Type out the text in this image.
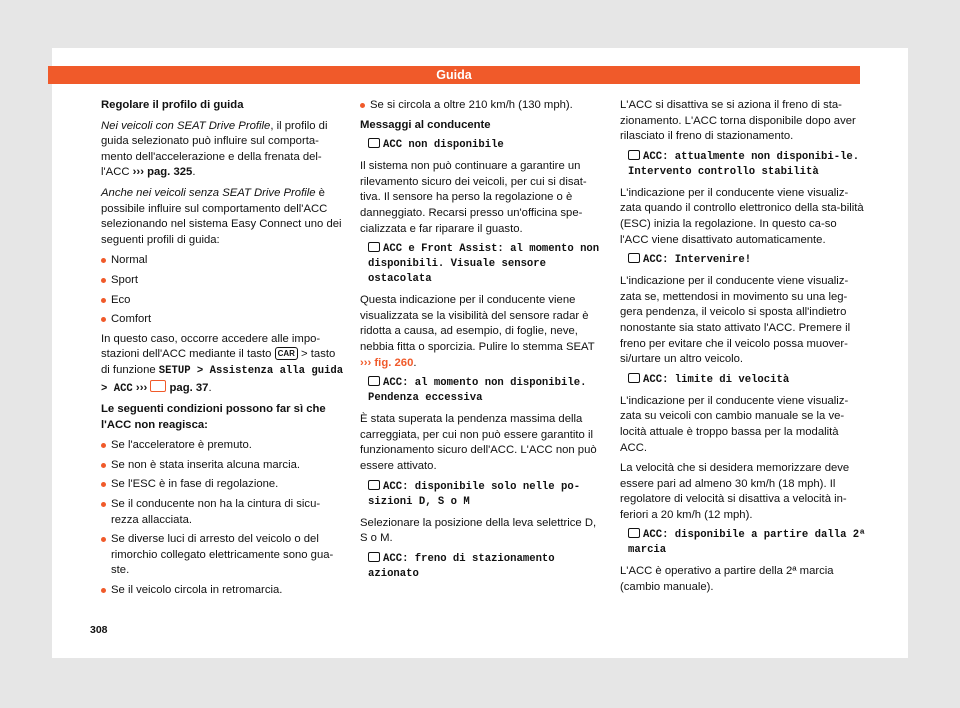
Guida

Regolare il profilo di guida

Nei veicoli con SEAT Drive Profile, il profilo di guida selezionato può influire sul comporta-mento dell'accelerazione e della frenata del-l'ACC ››› pag. 325.

Anche nei veicoli senza SEAT Drive Profile è possibile influire sul comportamento dell'ACC selezionando nel sistema Easy Connect uno dei seguenti profili di guida:

Normal
Sport
Eco
Comfort

In questo caso, occorre accedere alle impo-stazioni dell'ACC mediante il tasto CAR > tasto di funzione SETUP > Assistenza alla guida > ACC ›››  pag. 37.

Le seguenti condizioni possono far sì che l'ACC non reagisca:

Se l'acceleratore è premuto.
Se non è stata inserita alcuna marcia.
Se l'ESC è in fase di regolazione.
Se il conducente non ha la cintura di sicu-rezza allacciata.
Se diverse luci di arresto del veicolo o del rimorchio collegato elettricamente sono gua-ste.
Se il veicolo circola in retromarcia.
Se si circola a oltre 210 km/h (130 mph).

Messaggi al conducente

ACC non disponibile

Il sistema non può continuare a garantire un rilevamento sicuro dei veicoli, per cui si disat-tiva. Il sensore ha perso la regolazione o è danneggiato. Recarsi presso un'officina spe-cializzata e far riparare il guasto.

ACC e Front Assist: al momento non disponibili. Visuale sensore ostacolata

Questa indicazione per il conducente viene visualizzata se la visibilità del sensore radar è ridotta a causa, ad esempio, di foglie, neve, nebbia fitta o sporcizia. Pulire lo stemma SEAT ››› fig. 260.

ACC: al momento non disponibile. Pendenza eccessiva

È stata superata la pendenza massima della carreggiata, per cui non può essere garantito il funzionamento sicuro dell'ACC. L'ACC non può essere attivato.

ACC: disponibile solo nelle po-sizioni D, S o M

Selezionare la posizione della leva selettrice D, S o M.

ACC: freno di stazionamento azionato

L'ACC si disattiva se si aziona il freno di sta-zionamento. L'ACC torna disponibile dopo aver rilasciato il freno di stazionamento.

ACC: attualmente non disponibi-le. Intervento controllo stabilità

L'indicazione per il conducente viene visualiz-zata quando il controllo elettronico della sta-bilità (ESC) inizia la regolazione. In questo ca-so l'ACC viene disattivato automaticamente.

ACC: Intervenire!

L'indicazione per il conducente viene visualiz-zata se, mettendosi in movimento su una leg-gera pendenza, il veicolo si sposta all'indietro nonostante sia stato attivato l'ACC. Premere il freno per evitare che il veicolo possa muover-si/urtare un altro veicolo.

ACC: limite di velocità

L'indicazione per il conducente viene visualiz-zata su veicoli con cambio manuale se la ve-locità attuale è troppo bassa per la modalità ACC.

La velocità che si desidera memorizzare deve essere pari ad almeno 30 km/h (18 mph). Il regolatore di velocità si disattiva a velocità in-feriori a 20 km/h (12 mph).

ACC: disponibile a partire dalla 2ª marcia

L'ACC è operativo a partire della 2ª marcia (cambio manuale).

308
